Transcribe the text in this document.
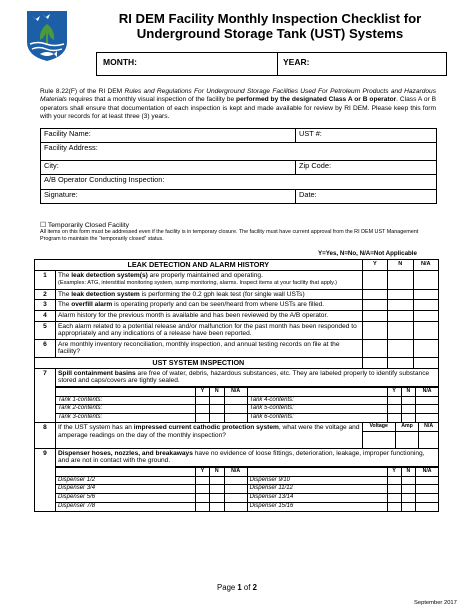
RI DEM Facility Monthly Inspection Checklist for
Underground Storage Tank (UST) Systems
MONTH:	YEAR:
Rule 8.22(F) of the RI DEM Rules and Regulations For Underground Storage Facilities Used For Petroleum Products and Hazardous Materials requires that a monthly visual inspection of the facility be performed by the designated Class A or B operator. Class A or B operators shall ensure that documentation of each inspection is kept and made available for review by RI DEM. Please keep this form with your records for at least three (3) years.
Facility Name:	UST #:
Facility Address:	
City:	Zip Code:
A/B Operator Conducting Inspection:	
Signature:	Date:
☐ Temporarily Closed Facility
All items on this form must be addressed even if the facility is in temporary closure. The facility must have current approval from the RI DEM UST Management Program to maintain the “temporarily closed” status.
Y=Yes, N=No, N/A=Not Applicable
LEAK DETECTION AND ALARM HISTORY	Y	N	N/A
1	The leak detection system(s) are properly maintained and operating.
(Examples: ATG, interstitial monitoring system, sump monitoring, alarms. Inspect items at your facility that apply.)			
2	The leak detection system is performing the 0.2 gph leak test (for single wall USTs)			
3	The overfill alarm is operating properly and can be seen/heard from where USTs are filled.			
4	Alarm history for the previous month is available and has been reviewed by the A/B operator.			
5	Each alarm related to a potential release and/or malfunction for the past month has been responded to appropriately and any indications of a release have been reported.			
6	Are monthly inventory reconciliation, monthly inspection, and annual testing records on file at the facility?			
UST SYSTEM INSPECTION			
7	Spill containment basins are free of water, debris, hazardous substances, etc. They are labeled properly to identify substance stored and caps/covers are tightly sealed.

	Y	N	N/A		Y	N	N/A
Tank 1-contents:				Tank 4-contents:			
Tank 2-contents:				Tank 5-contents:			
Tank 3-contents:				Tank 6-contents:			

8	If the UST system has an impressed current cathodic protection system, what were the voltage and amperage readings on the day of the monthly inspection?	
Voltage	Amp	N/A

9	Dispenser hoses, nozzles, and breakaways have no evidence of loose fittings, deterioration, leakage, improper functioning, and are not in contact with the ground.

	Y	N	N/A		Y	N	N/A
Dispenser 1/2				Dispenser 9/10			
Dispenser 3/4				Dispenser 11/12			
Dispenser 5/6				Dispenser 13/14			
Dispenser 7/8				Dispenser 15/16			
Page 1 of 2
September 2017
